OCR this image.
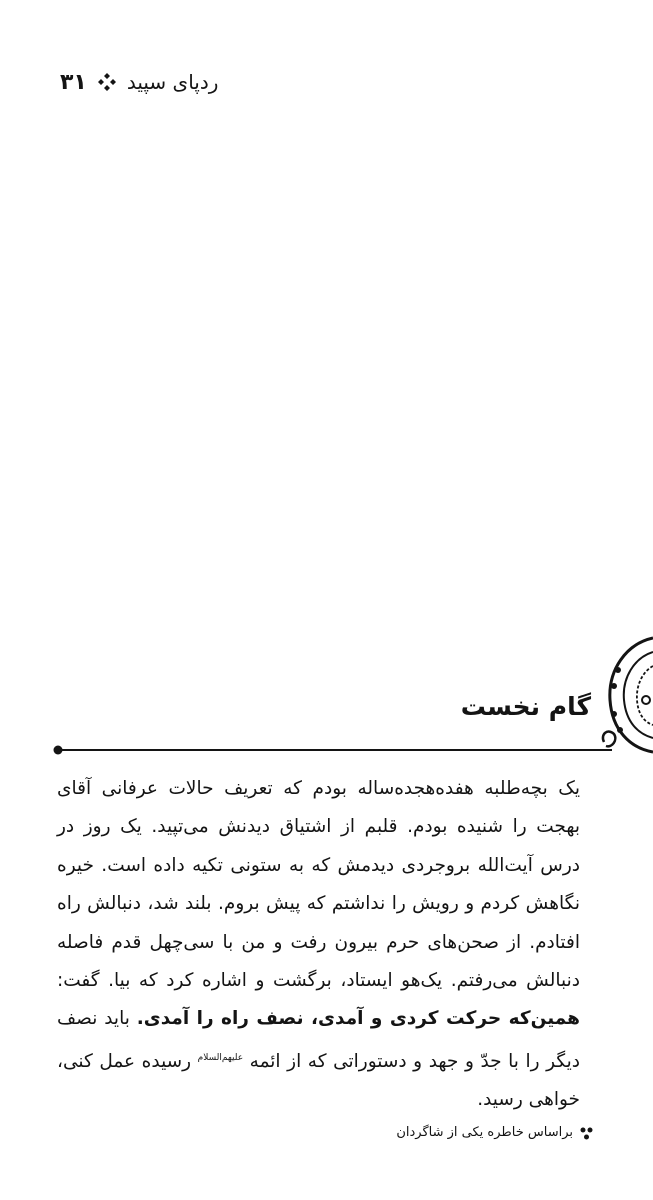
۳۱ ردپای سپید
گام نخست
یک بچه‌طلبه هفده‌هجده‌ساله بودم که تعریف حالات عرفانی آقای بهجت را شنیده بودم. قلبم از اشتیاق دیدنش می‌تپید. یک روز در درس آیت‌الله بروجردی دیدمش که به ستونی تکیه داده است. خیره نگاهش کردم و رویش را نداشتم که پیش بروم. بلند شد، دنبالش راه افتادم. از صحن‌های حرم بیرون رفت و من با سی‌چهل قدم فاصله دنبالش می‌رفتم. یک‌هو ایستاد، برگشت و اشاره کرد که بیا. گفت: همین‌که حرکت کردی و آمدی، نصف راه را آمدی. باید نصف دیگر را با جدّ و جهد و دستوراتی که از ائمه $^{علیهم‌السلام}$ رسیده عمل کنی، خواهی رسید.
براساس خاطره یکی از شاگردان
